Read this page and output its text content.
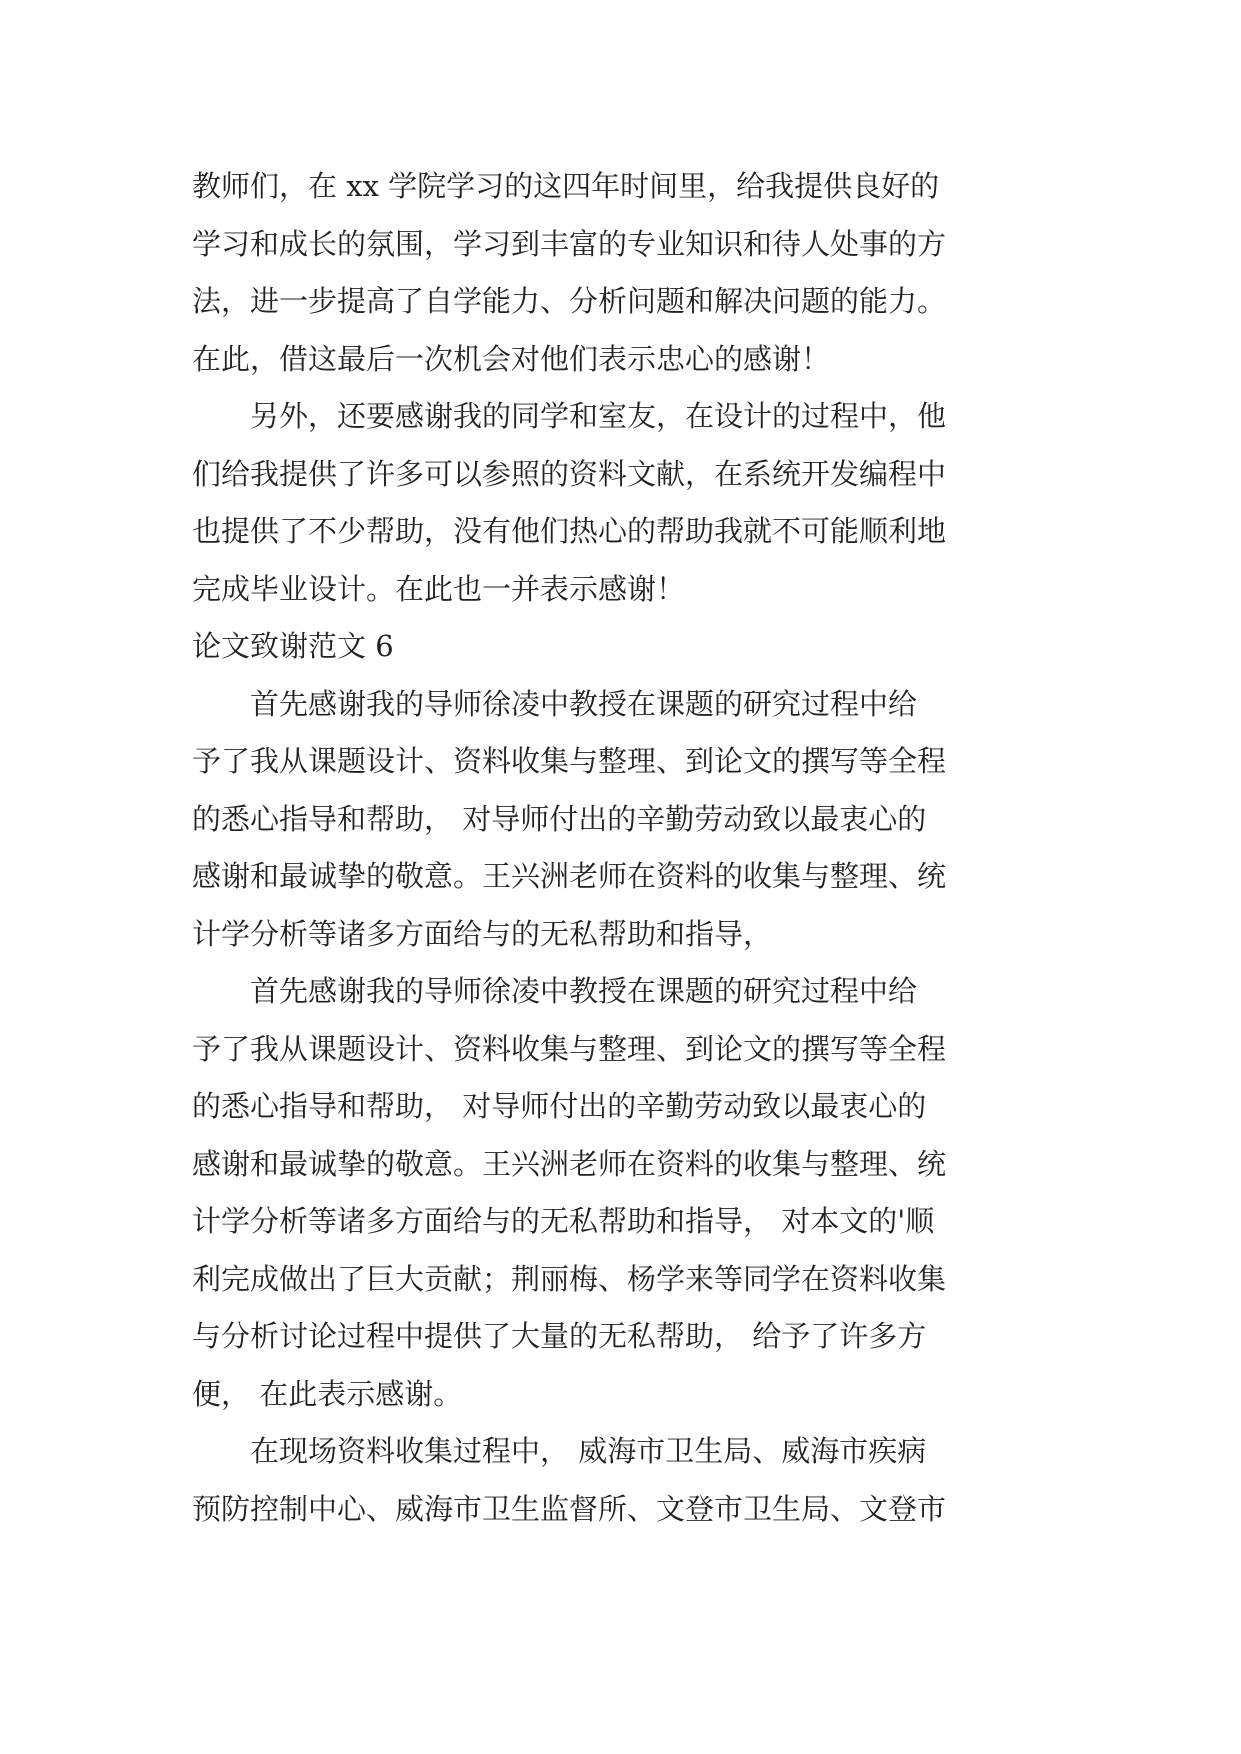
教师们，在 xx 学院学习的这四年时间里，给我提供良好的
学习和成长的氛围，学习到丰富的专业知识和待人处事的方
法，进一步提高了自学能力、分析问题和解决问题的能力。
在此，借这最后一次机会对他们表示忠心的感谢！
另外，还要感谢我的同学和室友，在设计的过程中，他
们给我提供了许多可以参照的资料文献，在系统开发编程中
也提供了不少帮助，没有他们热心的帮助我就不可能顺利地
完成毕业设计。在此也一并表示感谢！
论文致谢范文 6
首先感谢我的导师徐凌中教授在课题的研究过程中给
予了我从课题设计、资料收集与整理、到论文的撰写等全程
的悉心指导和帮助， 对导师付出的辛勤劳动致以最衷心的
感谢和最诚挚的敬意。王兴洲老师在资料的收集与整理、统
计学分析等诸多方面给与的无私帮助和指导，
首先感谢我的导师徐凌中教授在课题的研究过程中给
予了我从课题设计、资料收集与整理、到论文的撰写等全程
的悉心指导和帮助， 对导师付出的辛勤劳动致以最衷心的
感谢和最诚挚的敬意。王兴洲老师在资料的收集与整理、统
计学分析等诸多方面给与的无私帮助和指导， 对本文的'顺
利完成做出了巨大贡献；荆丽梅、杨学来等同学在资料收集
与分析讨论过程中提供了大量的无私帮助， 给予了许多方
便， 在此表示感谢。
在现场资料收集过程中， 威海市卫生局、威海市疾病
预防控制中心、威海市卫生监督所、文登市卫生局、文登市
